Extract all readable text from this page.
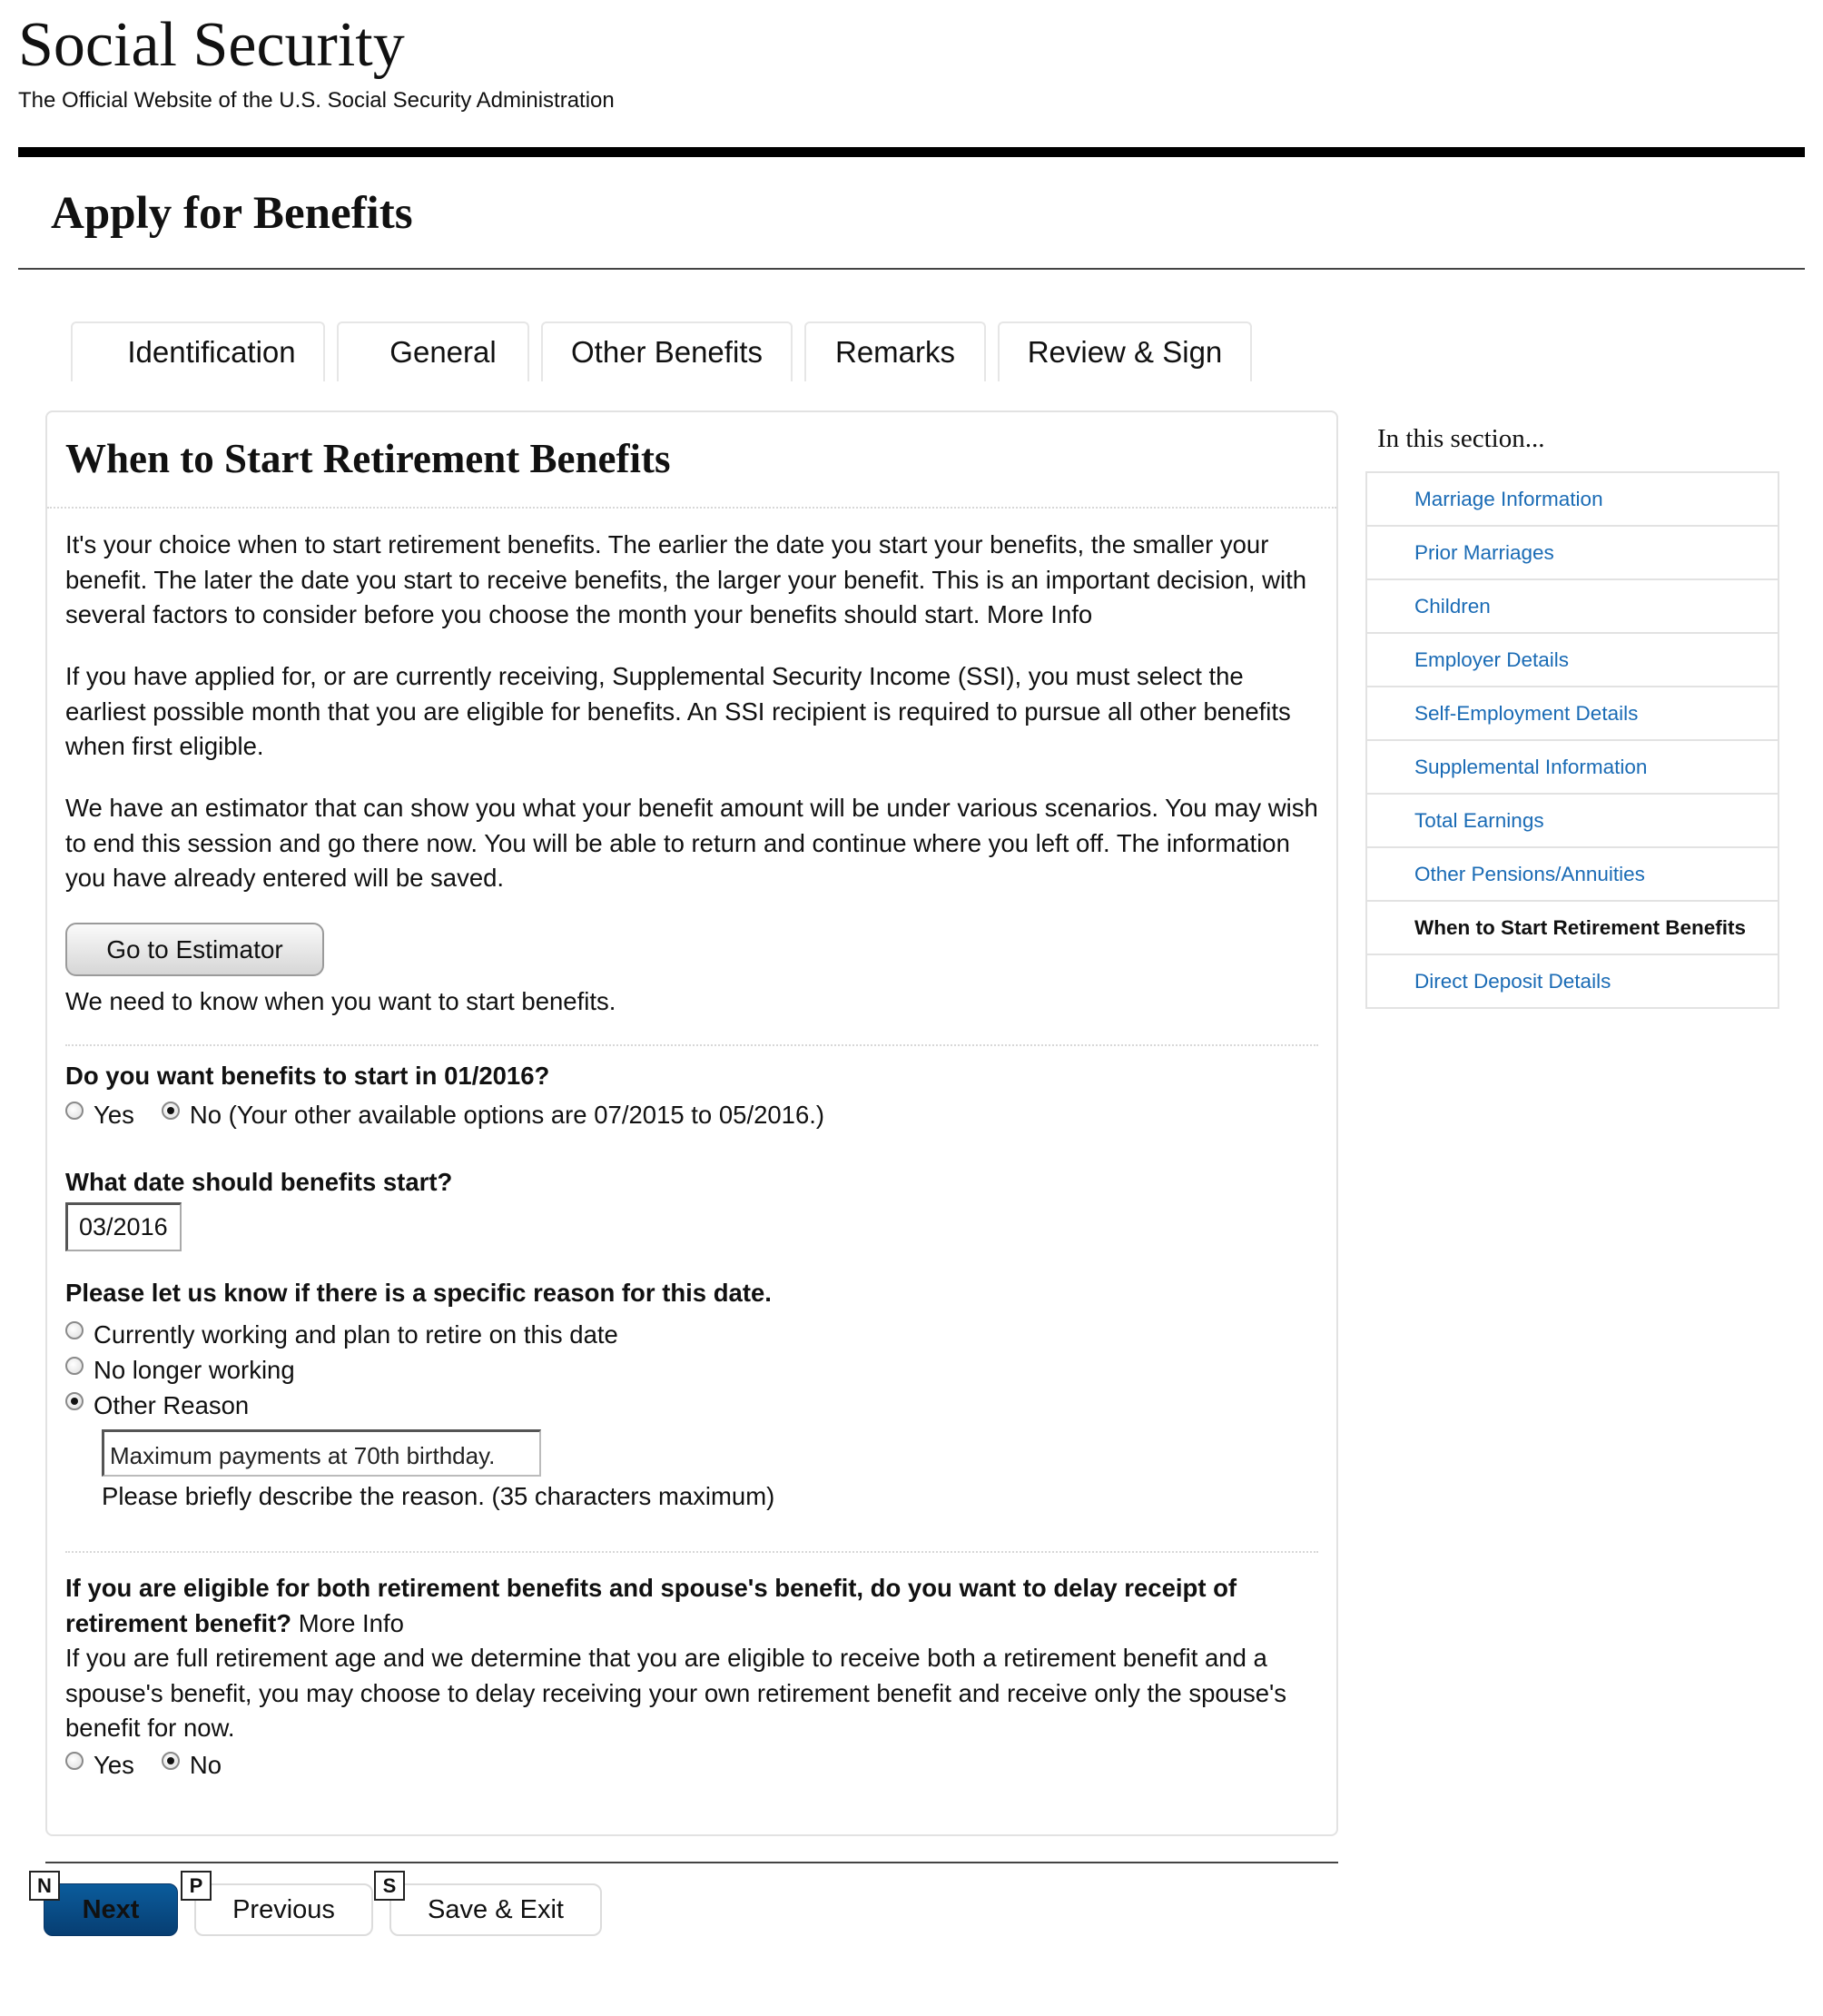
Social Security
The Official Website of the U.S. Social Security Administration
Apply for Benefits
Identification	General	Other Benefits	Remarks	Review & Sign
When to Start Retirement Benefits

It's your choice when to start retirement benefits. The earlier the date you start your benefits, the smaller your benefit. The later the date you start to receive benefits, the larger your benefit. This is an important decision, with several factors to consider before you choose the month your benefits should start. More Info

If you have applied for, or are currently receiving, Supplemental Security Income (SSI), you must select the earliest possible month that you are eligible for benefits. An SSI recipient is required to pursue all other benefits when first eligible.

We have an estimator that can show you what your benefit amount will be under various scenarios. You may wish to end this session and go there now. You will be able to return and continue where you left off. The information you have already entered will be saved.

Go to Estimator
We need to know when you want to start benefits.
Do you want benefits to start in 01/2016?
Yes No (Your other available options are 07/2015 to 05/2016.)
What date should benefits start?
03/2016
Please let us know if there is a specific reason for this date.
Currently working and plan to retire on this date
No longer working
Other Reason
Maximum payments at 70th birthday.
Please briefly describe the reason. (35 characters maximum)
If you are eligible for both retirement benefits and spouse's benefit, do you want to delay receipt of retirement benefit? More Info
If you are full retirement age and we determine that you are eligible to receive both a retirement benefit and a spouse's benefit, you may choose to delay receiving your own retirement benefit and receive only the spouse's benefit for now.
Yes No
In this section...
Marriage Information
Prior Marriages
Children
Employer Details
Self-Employment Details
Supplemental Information
Total Earnings
Other Pensions/Annuities
When to Start Retirement Benefits
Direct Deposit Details
Next	Previous	Save & Exit
N	P	S
